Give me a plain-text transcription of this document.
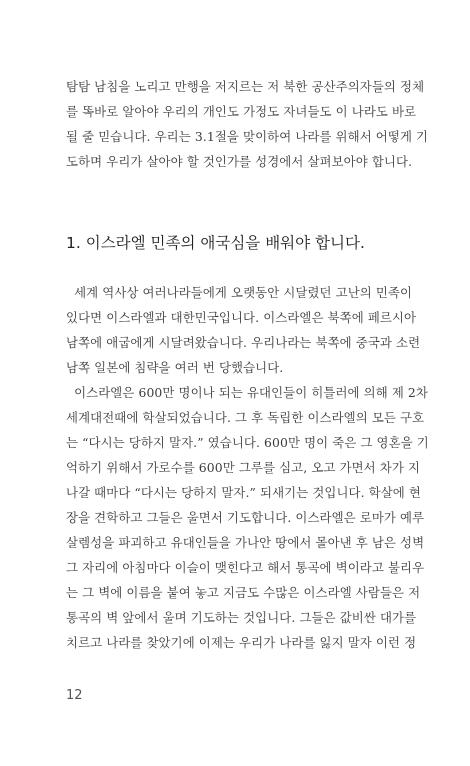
탐탐 남침을 노리고 만행을 저지르는 저 북한 공산주의자들의 정체
를 똑바로 알아야 우리의 개인도 가정도 자녀들도 이 나라도 바로
될 줄 믿습니다. 우리는 3.1절을 맞이하여 나라를 위해서 어떻게 기
도하며 우리가 살아야 할 것인가를 성경에서 살펴보아야 합니다.
1. 이스라엘 민족의 애국심을 배워야 합니다.
세계 역사상 여러나라들에게 오랫동안 시달렸던 고난의 민족이
있다면 이스라엘과 대한민국입니다. 이스라엘은 북쪽에 페르시아
남쪽에 애굽에게 시달려왔습니다. 우리나라는 북쪽에 중국과 소련
남쪽 일본에 침략을 여러 번 당했습니다.
이스라엘은 600만 명이나 되는 유대인들이 히틀러에 의해 제 2차
세계대전때에 학살되었습니다. 그 후 독립한 이스라엘의 모든 구호
는 “다시는 당하지 말자.” 였습니다. 600만 명이 죽은 그 영혼을 기
억하기 위해서 가로수를 600만 그루를 심고, 오고 가면서 차가 지
나갈 때마다 “다시는 당하지 말자.” 되새기는 것입니다. 학살에 현
장을 견학하고 그들은 울면서 기도합니다. 이스라엘은 로마가 예루
살렘성을 파괴하고 유대인들을 가나안 땅에서 몰아낸 후 남은 성벽
그 자리에 아침마다 이슬이 맺힌다고 해서 통곡에 벽이라고 불리우
는 그 벽에 이름을 붙여 놓고 지금도 수많은 이스라엘 사람들은 저
통곡의 벽 앞에서 울며 기도하는 것입니다. 그들은 값비싼 대가를
치르고 나라를 찾았기에 이제는 우리가 나라를 잃지 말자 이런 정
12
